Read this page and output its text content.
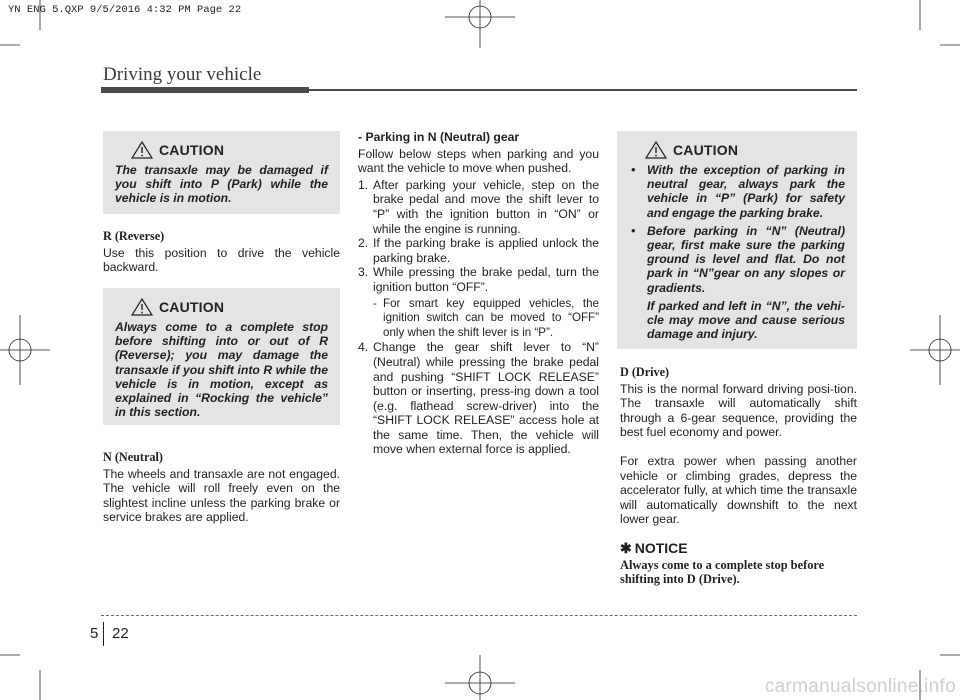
YN ENG 5.QXP 9/5/2016 4:32 PM Page 22
Driving your vehicle
CAUTION
The transaxle may be damaged if you shift into P (Park) while the vehicle is in motion.
R (Reverse)

Use this position to drive the vehicle backward.

CAUTION
Always come to a complete stop before shifting into or out of R (Reverse); you may damage the transaxle if you shift into R while the vehicle is in motion, except as explained in “Rocking the vehicle” in this section.
N (Neutral)

The wheels and transaxle are not engaged. The vehicle will roll freely even on the slightest incline unless the parking brake or service brakes are applied.

- Parking in N (Neutral) gear

Follow below steps when parking and you want the vehicle to move when pushed.

1. After parking your vehicle, step on the brake pedal and move the shift lever to “P” with the ignition button in “ON” or while the engine is running.
2. If the parking brake is applied unlock the parking brake.
3. While pressing the brake pedal, turn the ignition button “OFF”.
- For smart key equipped vehicles, the ignition switch can be moved to “OFF” only when the shift lever is in “P”.
4. Change the gear shift lever to “N” (Neutral) while pressing the brake pedal and pushing “SHIFT LOCK RELEASE” button or inserting, press-ing down a tool (e.g. flathead screw-driver) into the “SHIFT LOCK RELEASE” access hole at the same time. Then, the vehicle will move when external force is applied.
CAUTION
• With the exception of parking in neutral gear, always park the vehicle in “P” (Park) for safety and engage the parking brake.
• Before parking in “N” (Neutral) gear, first make sure the parking ground is level and flat. Do not park in “N”gear on any slopes or gradients.

If parked and left in “N”, the vehi-cle may move and cause serious damage and injury.

D (Drive)

This is the normal forward driving posi-tion. The transaxle will automatically shift through a 6-gear sequence, providing the best fuel economy and power.

For extra power when passing another vehicle or climbing grades, depress the accelerator fully, at which time the transaxle will automatically downshift to the next lower gear.

✱ NOTICE
Always come to a complete stop before shifting into D (Drive).
5 22
carmanualsonline.info
